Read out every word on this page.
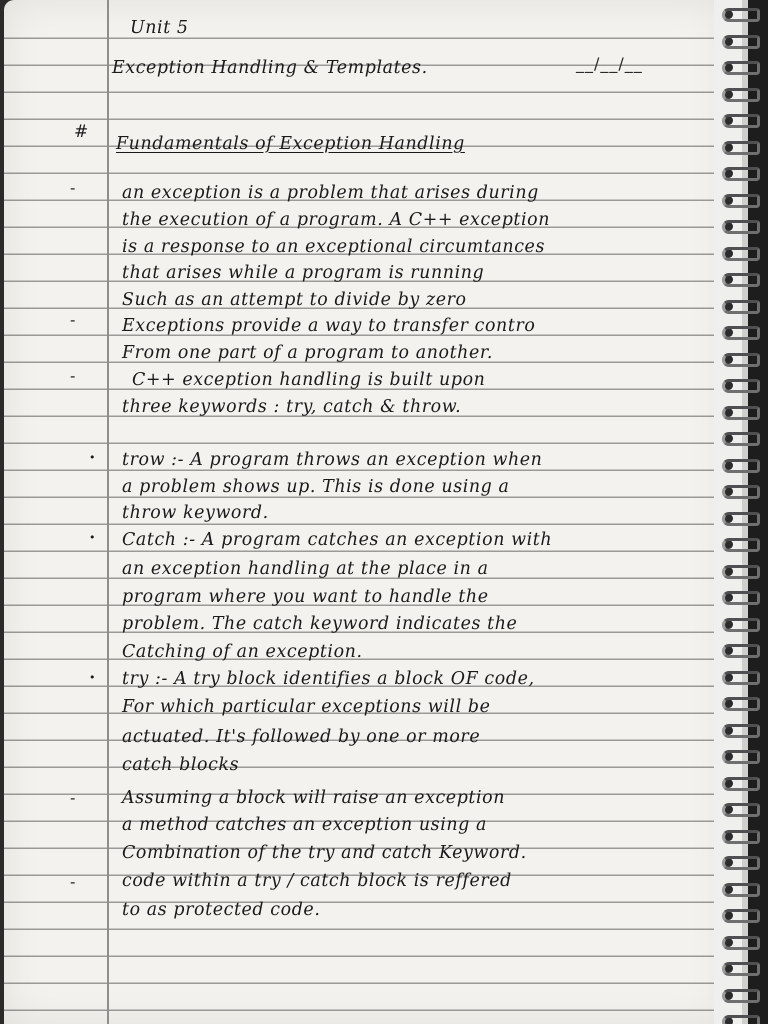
Unit 5
Exception Handling & Templates.	__/__/__
#
Fundamentals of Exception Handling
-
-
-
•
•
•
-
-
an exception is a problem that arises during
the execution of a program. A C++ exception
is a response to an exceptional circumtances
that arises while a program is running
Such as an attempt to divide by zero
Exceptions provide a way to transfer contro
From one part of a program to another.
C++ exception handling is built upon
three keywords : try, catch & throw.
trow :- A program throws an exception when
a problem shows up. This is done using a
throw keyword.
Catch :- A program catches an exception with
an exception handling at the place in a
program where you want to handle the
problem. The catch keyword indicates the
Catching of an exception.
try :- A try block identifies a block OF code,
For which particular exceptions will be
actuated. It's followed by one or more
catch blocks
Assuming a block will raise an exception
a method catches an exception using a
Combination of the try and catch Keyword.
code within a try / catch block is reffered
to as protected code.
